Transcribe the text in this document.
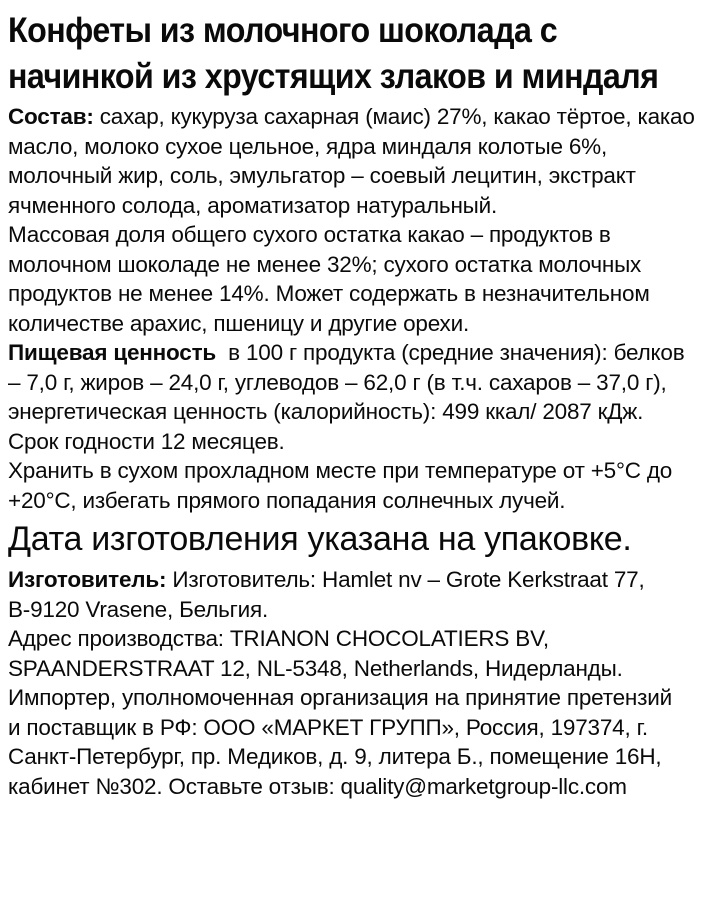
Конфеты из молочного шоколада с
начинкой из хрустящих злаков и миндаля

Состав: сахар, кукуруза сахарная (маис) 27%, какао тёртое, какао
масло, молоко сухое цельное, ядра миндаля колотые 6%,
молочный жир, соль, эмульгатор – соевый лецитин, экстракт
ячменного солода, ароматизатор натуральный.

Массовая доля общего сухого остатка какао – продуктов в
молочном шоколаде не менее 32%; сухого остатка молочных
продуктов не менее 14%. Может содержать в незначительном
количестве арахис, пшеницу и другие орехи.

Пищевая ценность  в 100 г продукта (средние значения): белков
– 7,0 г, жиров – 24,0 г, углеводов – 62,0 г (в т.ч. сахаров – 37,0 г),
энергетическая ценность (калорийность): 499 ккал/ 2087 кДж.

Срок годности 12 месяцев.

Хранить в сухом прохладном месте при температуре от +5°С до
+20°С, избегать прямого попадания солнечных лучей.

Дата изготовления указана на упаковке.

Изготовитель: Изготовитель: Hamlet nv – Grote Kerkstraat 77,
B-9120 Vrasene, Бельгия.

Адрес производства: TRIANON CHOCOLATIERS BV,
SPAANDERSTRAAT 12, NL-5348, Netherlands, Нидерланды.

Импортер, уполномоченная организация на принятие претензий
и поставщик в РФ: ООО «МАРКЕТ ГРУПП», Россия, 197374, г.
Санкт-Петербург, пр. Медиков, д. 9, литера Б., помещение 16Н,
кабинет №302. Оставьте отзыв: quality@marketgroup-llc.com
